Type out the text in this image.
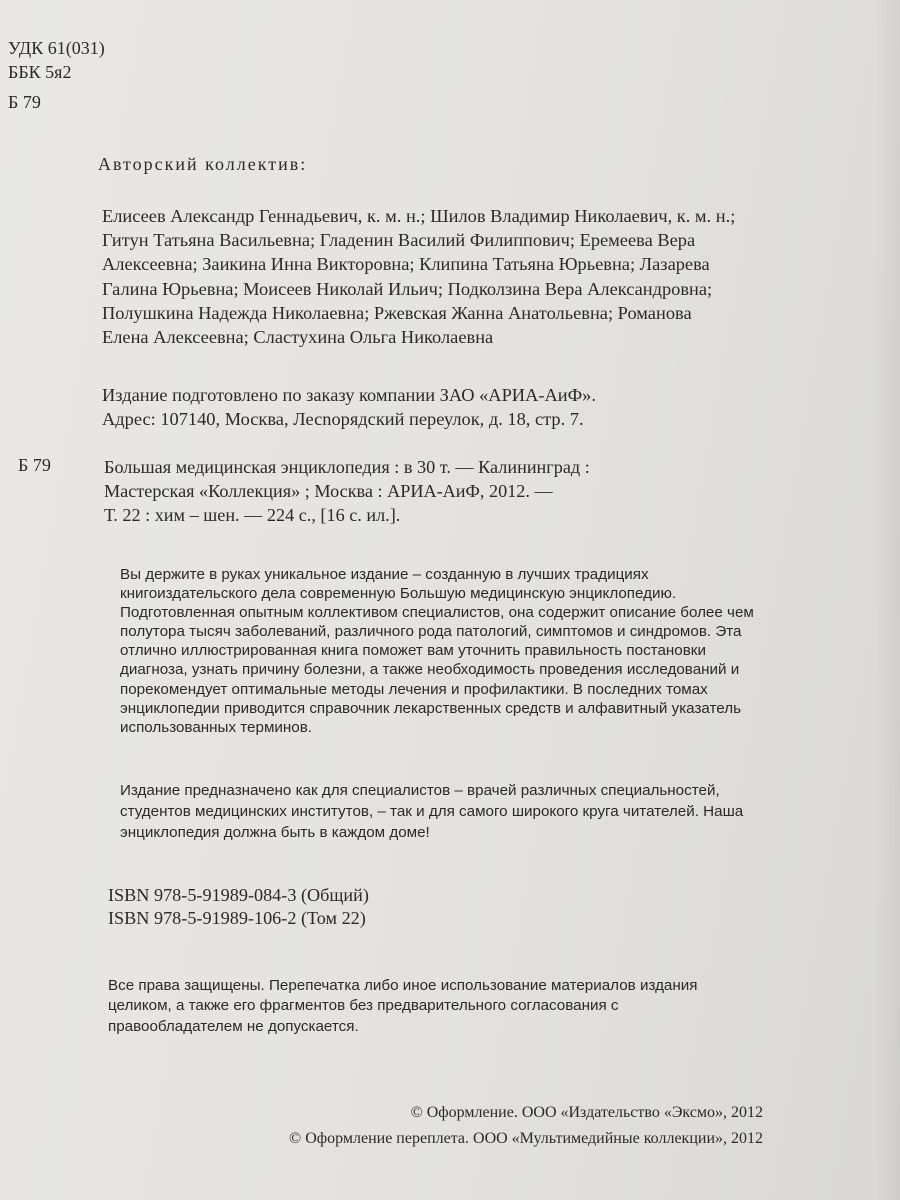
УДК 61(031)
ББК 5я2
Б 79
Авторский коллектив:

Елисеев Александр Геннадьевич, к. м. н.; Шилов Владимир Николаевич, к. м. н.; Гитун Татьяна Васильевна; Гладенин Василий Филиппович; Еремеева Вера Алексеевна; Заикина Инна Викторовна; Клипина Татьяна Юрьевна; Лазарева Галина Юрьевна; Моисеев Николай Ильич; Подколзина Вера Александровна; Полушкина Надежда Николаевна; Ржевская Жанна Анатольевна; Романова Елена Алексеевна; Сластухина Ольга Николаевна

Издание подготовлено по заказу компании ЗАО «АРИА-АиФ».
Адрес: 107140, Москва, Лесnорядский переулок, д. 18, стр. 7.
Б 79	Большая медицинская энциклопедия : в 30 т. — Калининград :
Мастерская «Коллекция» ; Москва : АРИА-АиФ, 2012. —
Т. 22 : хим – шен. — 224 с., [16 с. ил.].

Вы держите в руках уникальное издание – созданную в лучших традициях книгоиздательского дела современную Большую медицинскую энциклопедию. Подготовленная опытным коллективом специалистов, она содержит описание более чем полутора тысяч заболеваний, различного рода патологий, симптомов и синдромов. Эта отлично иллюстрированная книга поможет вам уточнить правильность постановки диагноза, узнать причину болезни, а также необходимость проведения исследований и порекомендует оптимальные методы лечения и профилактики. В последних томах энциклопедии приводится справочник лекарственных средств и алфавитный указатель использованных терминов.

Издание предназначено как для специалистов – врачей различных специальностей, студентов медицинских институтов, – так и для самого широкого круга читателей. Наша энциклопедия должна быть в каждом доме!

ISBN 978-5-91989-084-3 (Общий)
ISBN 978-5-91989-106-2 (Том 22)

Все права защищены. Перепечатка либо иное использование материалов издания целиком, а также его фрагментов без предварительного согласования с правообладателем не допускается.

© Оформление. ООО «Издательство «Эксмо», 2012
© Оформление переплета. ООО «Мультимедийные коллекции», 2012
